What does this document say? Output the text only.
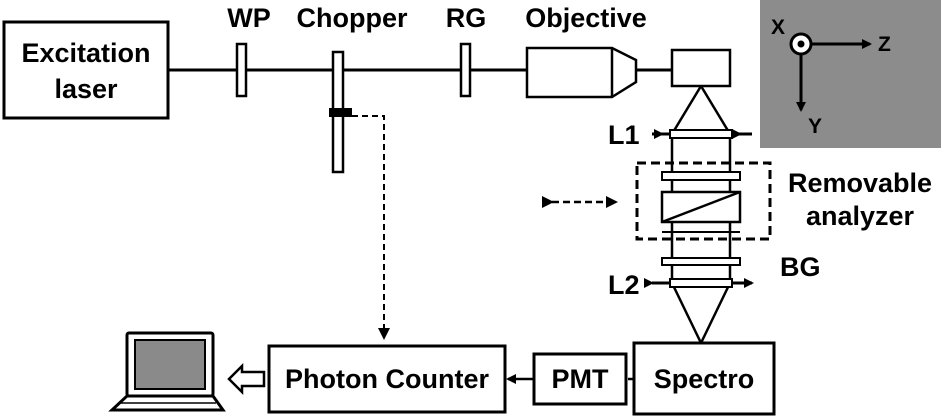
Excitation
laser
WP Chopper RG Objective
L1
Removable
analyzer
BG
L2
Spectro
PMT
Photon Counter
X
Z
Y
